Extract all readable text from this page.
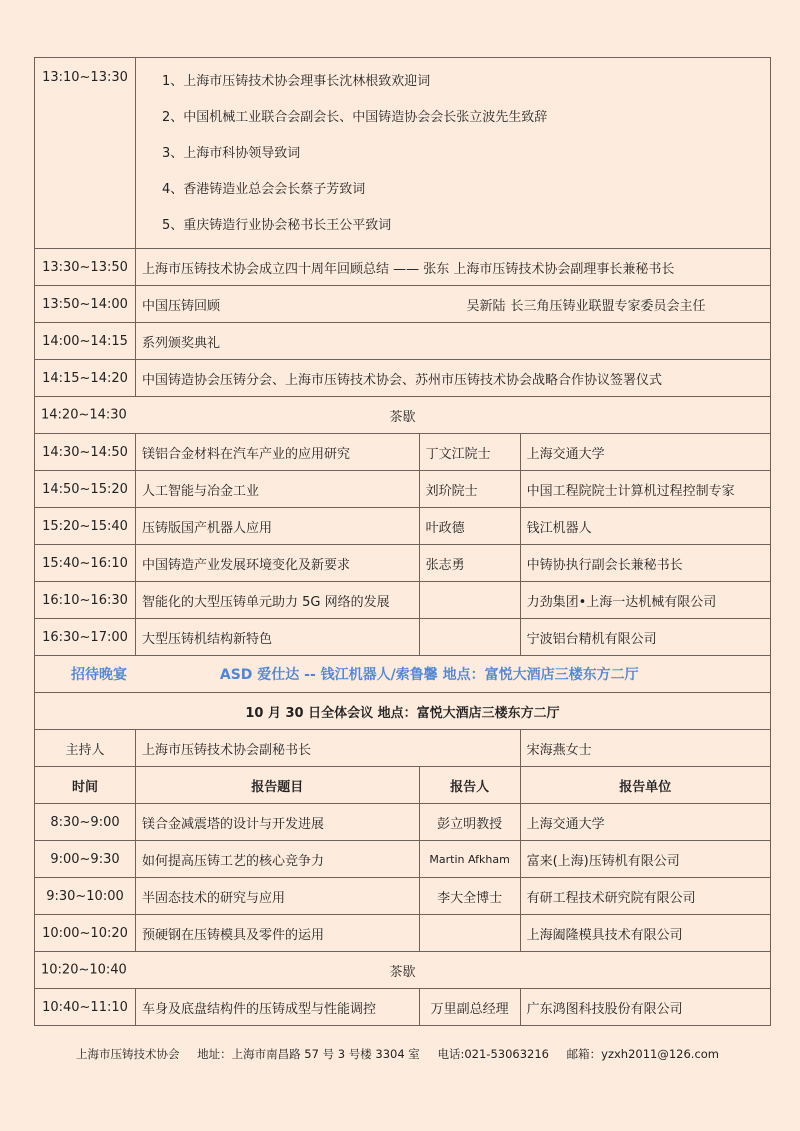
13:10~13:30	1、上海市压铸技术协会理事长沈林根致欢迎词
2、中国机械工业联合会副会长、中国铸造协会会长张立波先生致辞
3、上海市科协领导致词
4、香港铸造业总会会长蔡子芳致词
5、重庆铸造行业协会秘书长王公平致词		

13:30~13:50	上海市压铸技术协会成立四十周年回顾总结 —— 张东 上海市压铸技术协会副理事长兼秘书长		
13:50~14:00	中国压铸回顾 吴新陆 长三角压铸业联盟专家委员会主任		

14:00~14:15	系列颁奖典礼		
14:15~14:20	中国铸造协会压铸分会、上海市压铸技术协会、苏州市压铸技术协会战略合作协议签署仪式		

14:20~14:30 茶歇			

14:30~14:50	镁铝合金材料在汽车产业的应用研究	丁文江院士	上海交通大学
14:50~15:20	人工智能与冶金工业	刘玠院士	中国工程院院士计算机过程控制专家
15:20~15:40	压铸版国产机器人应用	叶政德	钱江机器人
15:40~16:10	中国铸造产业发展环境变化及新要求	张志勇	中铸协执行副会长兼秘书长
16:10~16:30	智能化的大型压铸单元助力 5G 网络的发展		力劲集团•上海一达机械有限公司
16:30~17:00	大型压铸机结构新特色		宁波铝台精机有限公司
招待晚宴 ASD 爱仕达 -- 钱江机器人/索鲁馨 地点：富悦大酒店三楼东方二厅			
10 月 30 日全体会议 地点：富悦大酒店三楼东方二厅			
主持人	上海市压铸技术协会副秘书长		宋海燕女士
时间	报告题目	报告人	报告单位
8:30~9:00	镁合金减震塔的设计与开发进展	彭立明教授	上海交通大学
9:00~9:30	如何提高压铸工艺的核心竞争力	Martin Afkham	富来(上海)压铸机有限公司
9:30~10:00	半固态技术的研究与应用	李大全博士	有研工程技术研究院有限公司
10:00~10:20	预硬钢在压铸模具及零件的运用		上海阖隆模具技术有限公司

10:20~10:40 茶歇			

10:40~11:10	车身及底盘结构件的压铸成型与性能调控	万里副总经理	广东鸿图科技股份有限公司
上海市压铸技术协会 地址：上海市南昌路 57 号 3 号楼 3304 室 电话:021-53063216 邮箱：yzxh2011@126.com
